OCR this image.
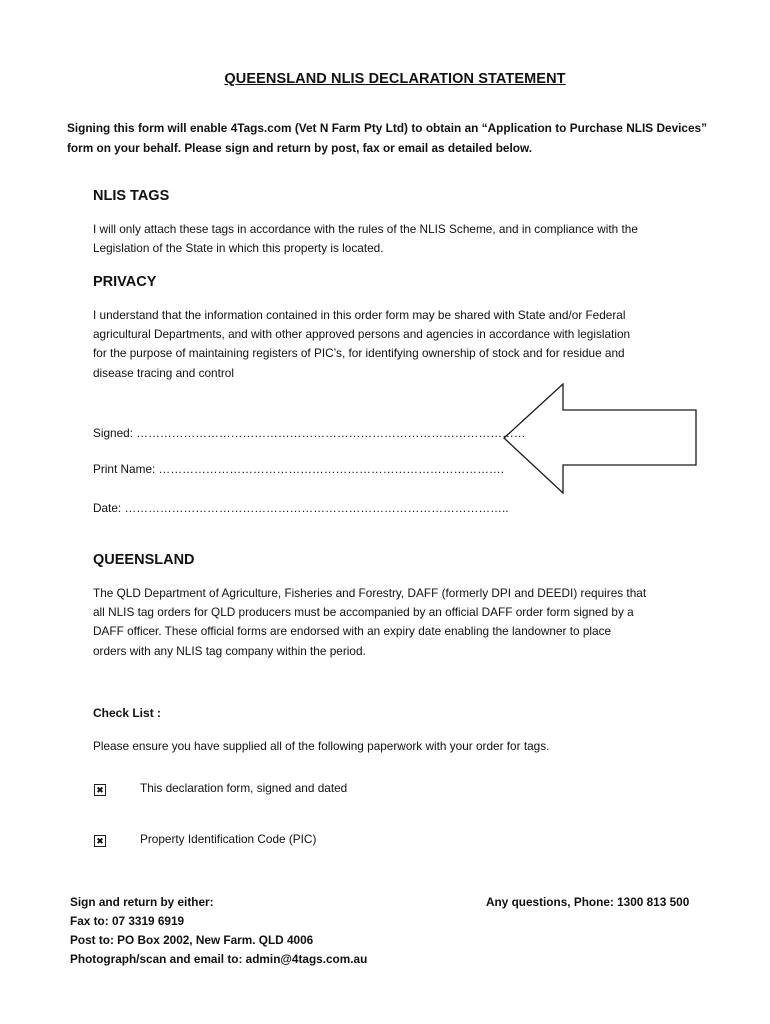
QUEENSLAND NLIS DECLARATION STATEMENT
Signing this form will enable 4Tags.com (Vet N Farm Pty Ltd) to obtain an “Application to Purchase NLIS Devices” form on your behalf. Please sign and return by post, fax or email as detailed below.
NLIS TAGS
I will only attach these tags in accordance with the rules of the NLIS Scheme, and in compliance with the
Legislation of the State in which this property is located.
PRIVACY
I understand that the information contained in this order form may be shared with State and/or Federal
agricultural Departments, and with other approved persons and agencies in accordance with legislation
for the purpose of maintaining registers of PIC’s, for identifying ownership of stock and for residue and
disease tracing and control
Signed: ………………………………………………………………………………………
Print Name: …………………………………………………………………………….
Date: ……………………………………………………………………………………..
QUEENSLAND
The QLD Department of Agriculture, Fisheries and Forestry, DAFF (formerly DPI and DEEDI) requires that
all NLIS tag orders for QLD producers must be accompanied by an official DAFF order form signed by a
DAFF officer. These official forms are endorsed with an expiry date enabling the landowner to place
orders with any NLIS tag company within the period.
Check List :
Please ensure you have supplied all of the following paperwork with your order for tags.
✖	This declaration form, signed and dated
✖	Property Identification Code (PIC)
Sign and return by either:
Fax to: 07 3319 6919
Post to: PO Box 2002, New Farm. QLD 4006
Photograph/scan and email to: admin@4tags.com.au
Any questions, Phone: 1300 813 500
